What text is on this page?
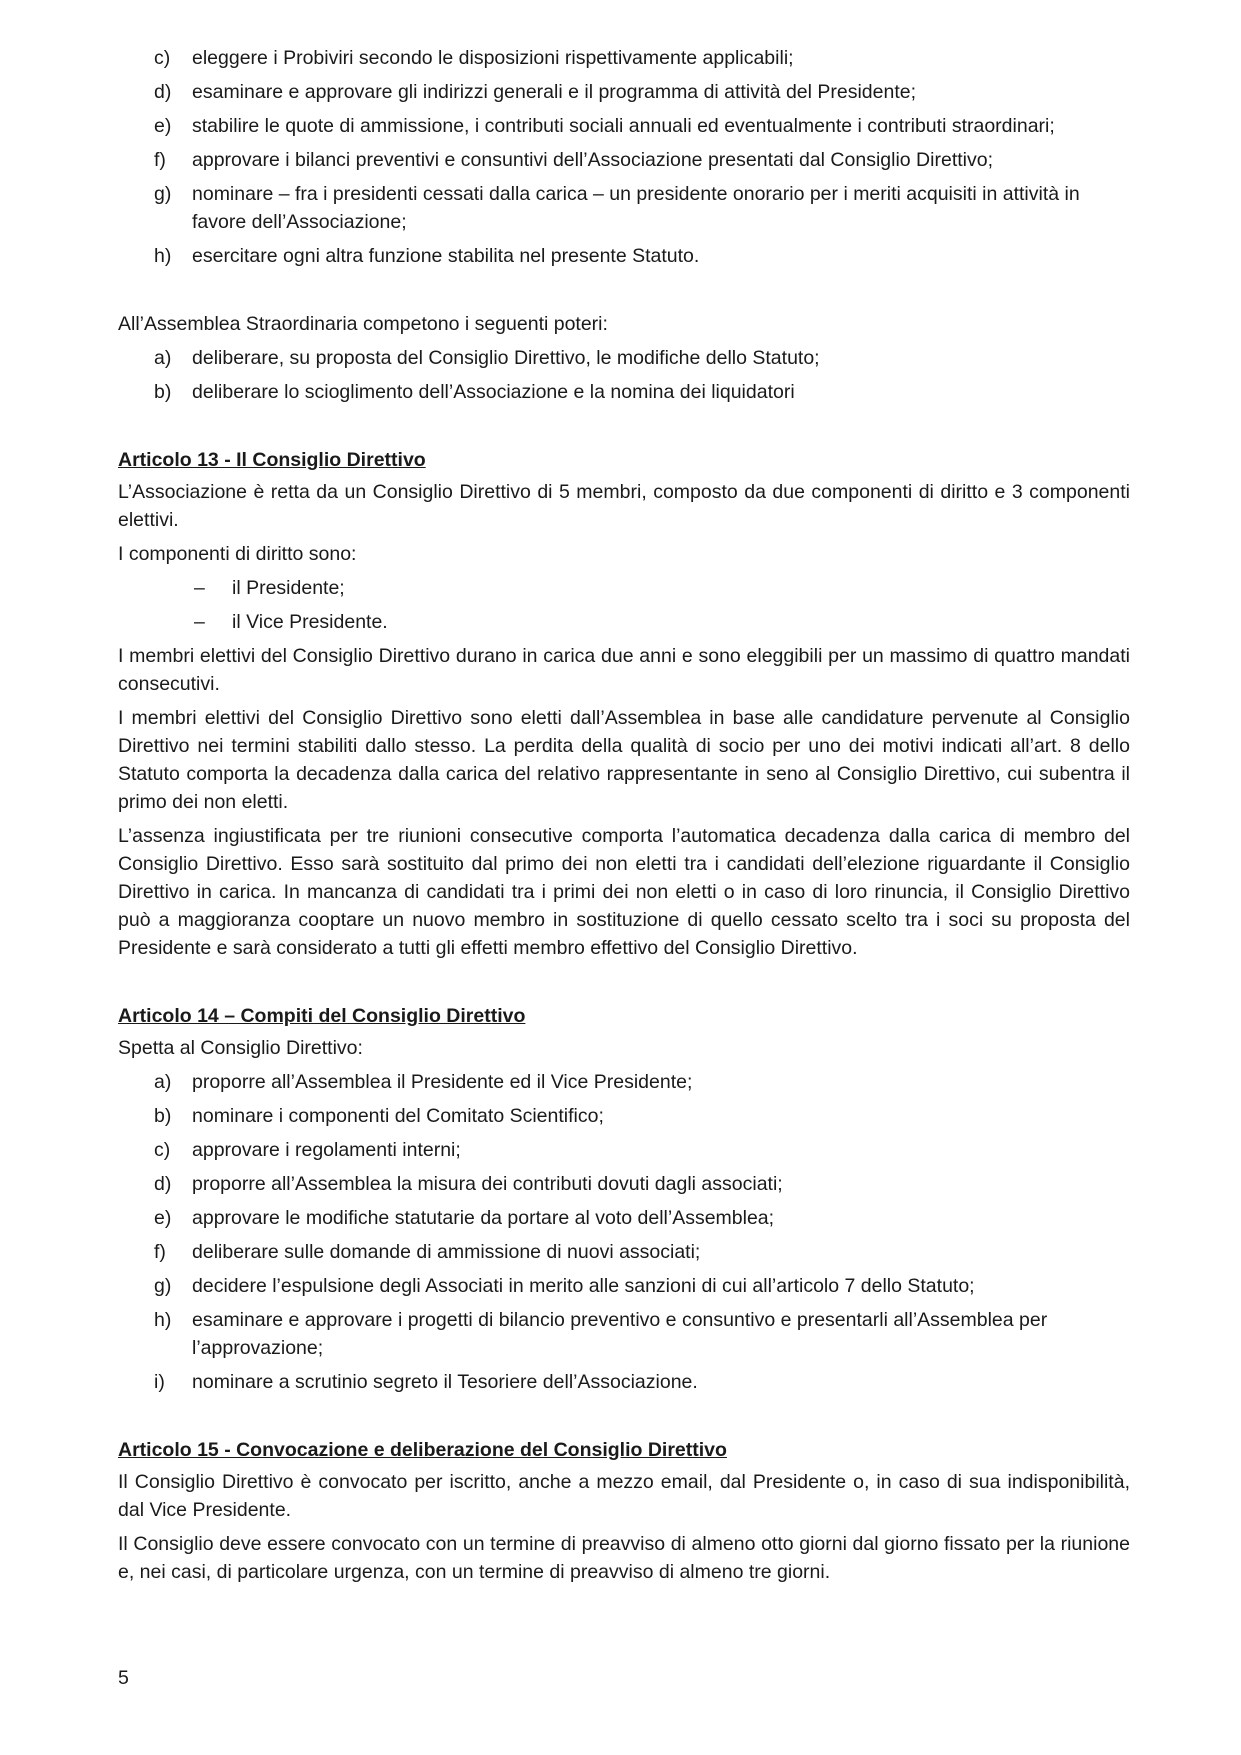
c)	eleggere i Probiviri secondo le disposizioni rispettivamente applicabili;
d)	esaminare e approvare gli indirizzi generali e il programma di attività del Presidente;
e)	stabilire le quote di ammissione, i contributi sociali annuali ed eventualmente i contributi straordinari;
f)	approvare i bilanci preventivi e consuntivi dell’Associazione presentati dal Consiglio Direttivo;
g)	nominare – fra i presidenti cessati dalla carica – un presidente onorario per i meriti acquisiti in attività in favore dell’Associazione;
h)	esercitare ogni altra funzione stabilita nel presente Statuto.

All’Assemblea Straordinaria competono i seguenti poteri:

a)	deliberare, su proposta del Consiglio Direttivo, le modifiche dello Statuto;
b)	deliberare lo scioglimento dell’Associazione e la nomina dei liquidatori

Articolo 13 - Il Consiglio Direttivo

L’Associazione è retta da un Consiglio Direttivo di 5 membri, composto da due componenti di diritto e 3 componenti elettivi.

I componenti di diritto sono:

–	il Presidente;
–	il Vice Presidente.

I membri elettivi del Consiglio Direttivo durano in carica due anni e sono eleggibili per un massimo di quattro mandati consecutivi.

I membri elettivi del Consiglio Direttivo sono eletti dall’Assemblea in base alle candidature pervenute al Consiglio Direttivo nei termini stabiliti dallo stesso. La perdita della qualità di socio per uno dei motivi indicati all’art. 8 dello Statuto comporta la decadenza dalla carica del relativo rappresentante in seno al Consiglio Direttivo, cui subentra il primo dei non eletti.

L’assenza ingiustificata per tre riunioni consecutive comporta l’automatica decadenza dalla carica di membro del Consiglio Direttivo. Esso sarà sostituito dal primo dei non eletti tra i candidati dell’elezione riguardante il Consiglio Direttivo in carica. In mancanza di candidati tra i primi dei non eletti o in caso di loro rinuncia, il Consiglio Direttivo può a maggioranza cooptare un nuovo membro in sostituzione di quello cessato scelto tra i soci su proposta del Presidente e sarà considerato a tutti gli effetti membro effettivo del Consiglio Direttivo.

Articolo 14 – Compiti del Consiglio Direttivo

Spetta al Consiglio Direttivo:

a)	proporre all’Assemblea il Presidente ed il Vice Presidente;
b)	nominare i componenti del Comitato Scientifico;
c)	approvare i regolamenti interni;
d)	proporre all’Assemblea la misura dei contributi dovuti dagli associati;
e)	approvare le modifiche statutarie da portare al voto dell’Assemblea;
f)	deliberare sulle domande di ammissione di nuovi associati;
g)	decidere l’espulsione degli Associati in merito alle sanzioni di cui all’articolo 7 dello Statuto;
h)	esaminare e approvare i progetti di bilancio preventivo e consuntivo e presentarli all’Assemblea per l’approvazione;
i)	nominare a scrutinio segreto il Tesoriere dell’Associazione.

Articolo 15 - Convocazione e deliberazione del Consiglio Direttivo

Il Consiglio Direttivo è convocato per iscritto, anche a mezzo email, dal Presidente o, in caso di sua indisponibilità, dal Vice Presidente.

Il Consiglio deve essere convocato con un termine di preavviso di almeno otto giorni dal giorno fissato per la riunione e, nei casi, di particolare urgenza, con un termine di preavviso di almeno tre giorni.

5
